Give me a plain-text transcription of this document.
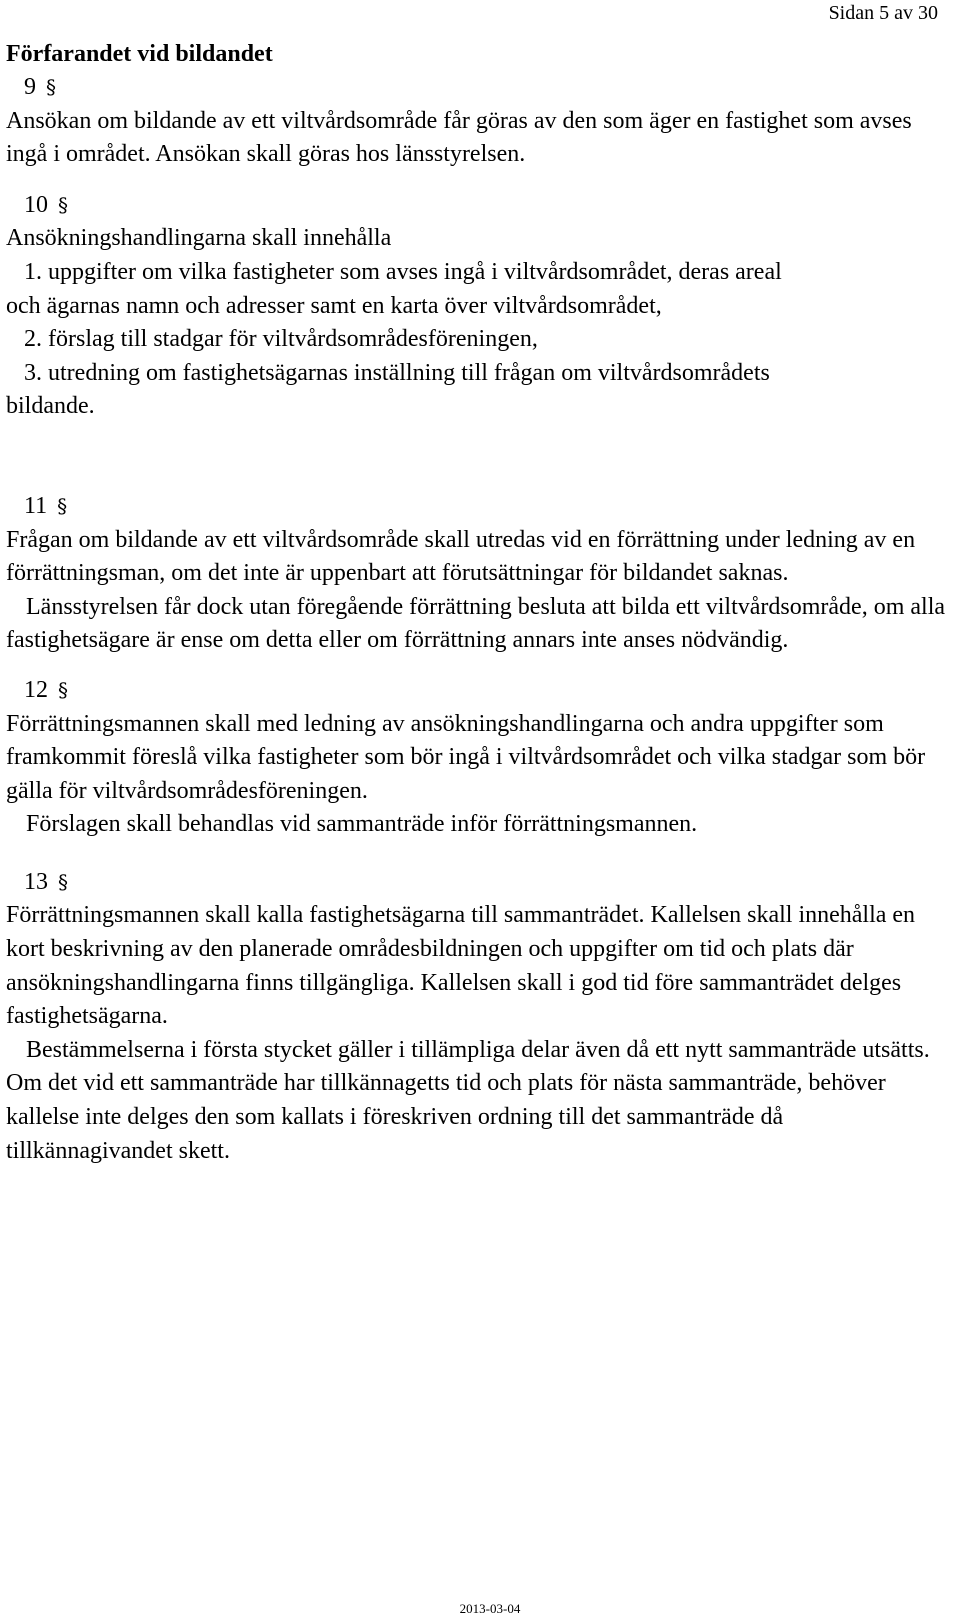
Sidan 5 av 30

Förfarandet vid bildandet

9 §

Ansökan om bildande av ett viltvårdsområde får göras av den som äger en fastighet som avses ingå i området. Ansökan skall göras hos länsstyrelsen.

10 §

Ansökningshandlingarna skall innehålla

1. uppgifter om vilka fastigheter som avses ingå i viltvårdsområdet, deras areal

och ägarnas namn och adresser samt en karta över viltvårdsområdet,

2. förslag till stadgar för viltvårdsområdesföreningen,

3. utredning om fastighetsägarnas inställning till frågan om viltvårdsområdets

bildande.

11 §

Frågan om bildande av ett viltvårdsområde skall utredas vid en förrättning under ledning av en förrättningsman, om det inte är uppenbart att förutsättningar för bildandet saknas.

Länsstyrelsen får dock utan föregående förrättning besluta att bilda ett viltvårdsområde, om alla fastighetsägare är ense om detta eller om förrättning annars inte anses nödvändig.

12 §

Förrättningsmannen skall med ledning av ansökningshandlingarna och andra uppgifter som framkommit föreslå vilka fastigheter som bör ingå i viltvårdsområdet och vilka stadgar som bör gälla för viltvårdsområdesföreningen.

Förslagen skall behandlas vid sammanträde inför förrättningsmannen.

13 §

Förrättningsmannen skall kalla fastighetsägarna till sammanträdet. Kallelsen skall innehålla en kort beskrivning av den planerade områdesbildningen och uppgifter om tid och plats där ansökningshandlingarna finns tillgängliga. Kallelsen skall i god tid före sammanträdet delges fastighetsägarna.

Bestämmelserna i första stycket gäller i tillämpliga delar även då ett nytt sammanträde utsätts. Om det vid ett sammanträde har tillkännagetts tid och plats för nästa sammanträde, behöver kallelse inte delges den som kallats i föreskriven ordning till det sammanträde då tillkännagivandet skett.

2013-03-04
